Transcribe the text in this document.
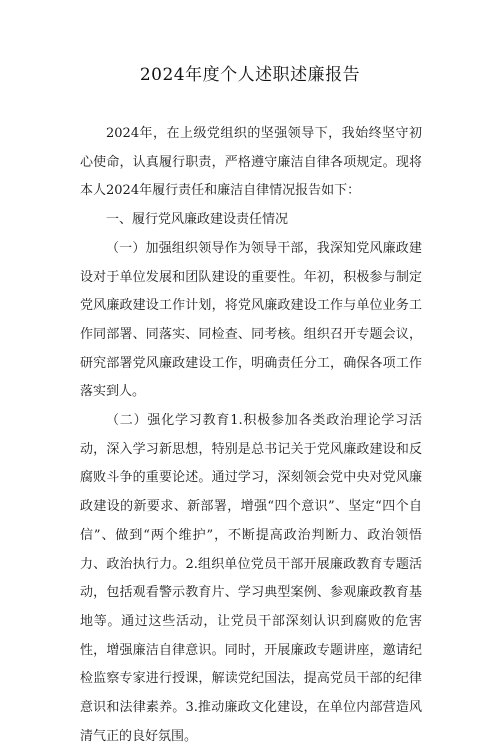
2024年度个人述职述廉报告

2024年，在上级党组织的坚强领导下，我始终坚守初心使命，认真履行职责，严格遵守廉洁自律各项规定。现将本人2024年履行责任和廉洁自律情况报告如下：

一、履行党风廉政建设责任情况

（一）加强组织领导作为领导干部，我深知党风廉政建设对于单位发展和团队建设的重要性。年初，积极参与制定党风廉政建设工作计划，将党风廉政建设工作与单位业务工作同部署、同落实、同检查、同考核。组织召开专题会议，研究部署党风廉政建设工作，明确责任分工，确保各项工作落实到人。

（二）强化学习教育1.积极参加各类政治理论学习活动，深入学习新思想，特别是总书记关于党风廉政建设和反腐败斗争的重要论述。通过学习，深刻领会党中央对党风廉政建设的新要求、新部署，增强“四个意识”、坚定“四个自信”、做到“两个维护”，不断提高政治判断力、政治领悟力、政治执行力。2.组织单位党员干部开展廉政教育专题活动，包括观看警示教育片、学习典型案例、参观廉政教育基地等。通过这些活动，让党员干部深刻认识到腐败的危害性，增强廉洁自律意识。同时，开展廉政专题讲座，邀请纪检监察专家进行授课，解读党纪国法，提高党员干部的纪律意识和法律素养。3.推动廉政文化建设，在单位内部营造风清气正的良好氛围。
